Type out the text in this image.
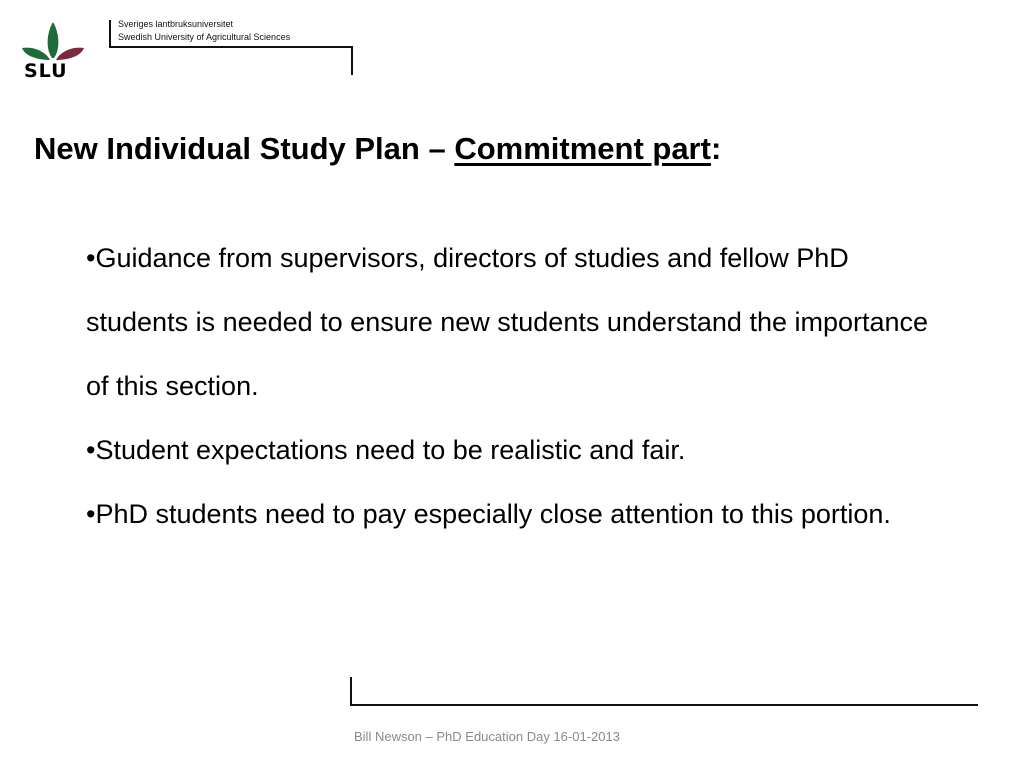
SLU
Sveriges lantbruksuniversitet
Swedish University of Agricultural Sciences
New Individual Study Plan – Commitment part:

•Guidance from supervisors, directors of studies and fellow PhD students is needed to ensure new students understand the importance of this section.

•Student expectations need to be realistic and fair.

•PhD students need to pay especially close attention to this portion.

Bill Newson – PhD Education Day 16-01-2013
